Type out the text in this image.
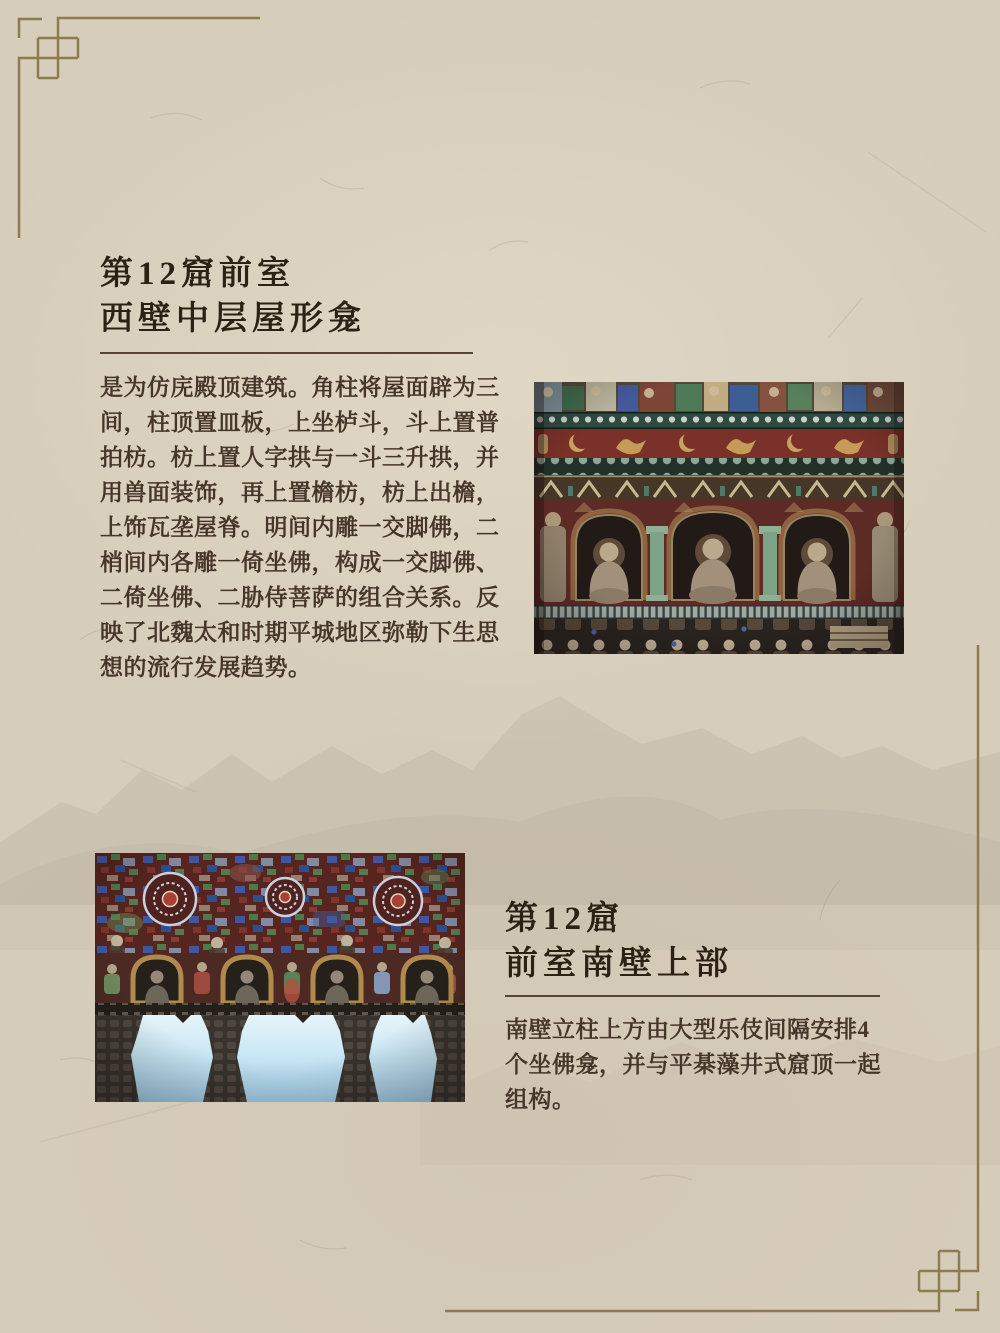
第12窟前室
西壁中层屋形龛
是为仿庑殿顶建筑。角柱将屋面辟为三
间，柱顶置皿板，上坐栌斗，斗上置普
拍枋。枋上置人字拱与一斗三升拱，并
用兽面装饰，再上置檐枋，枋上出檐，
上饰瓦垄屋脊。明间内雕一交脚佛，二
梢间内各雕一倚坐佛，构成一交脚佛、
二倚坐佛、二胁侍菩萨的组合关系。反
映了北魏太和时期平城地区弥勒下生思
想的流行发展趋势。
第12窟
前室南壁上部
南壁立柱上方由大型乐伎间隔安排4
个坐佛龛，并与平棊藻井式窟顶一起
组构。
